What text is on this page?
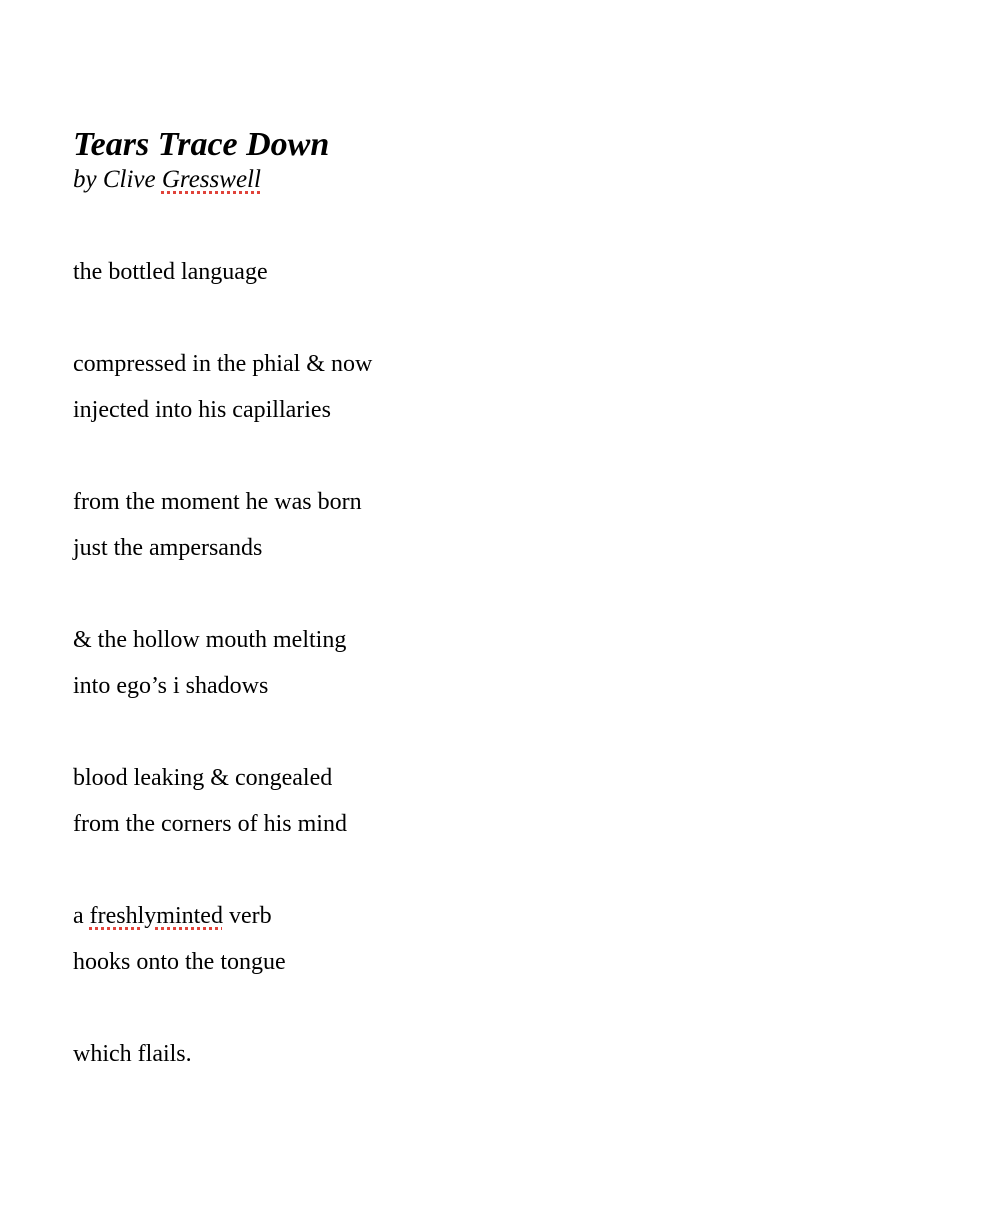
Tears Trace Down

by Clive Gresswell

the bottled language

compressed in the phial & now

injected into his capillaries

from the moment he was born

just the ampersands

& the hollow mouth melting

into ego’s i shadows

blood leaking & congealed

from the corners of his mind

a freshlyminted verb

hooks onto the tongue

which flails.
